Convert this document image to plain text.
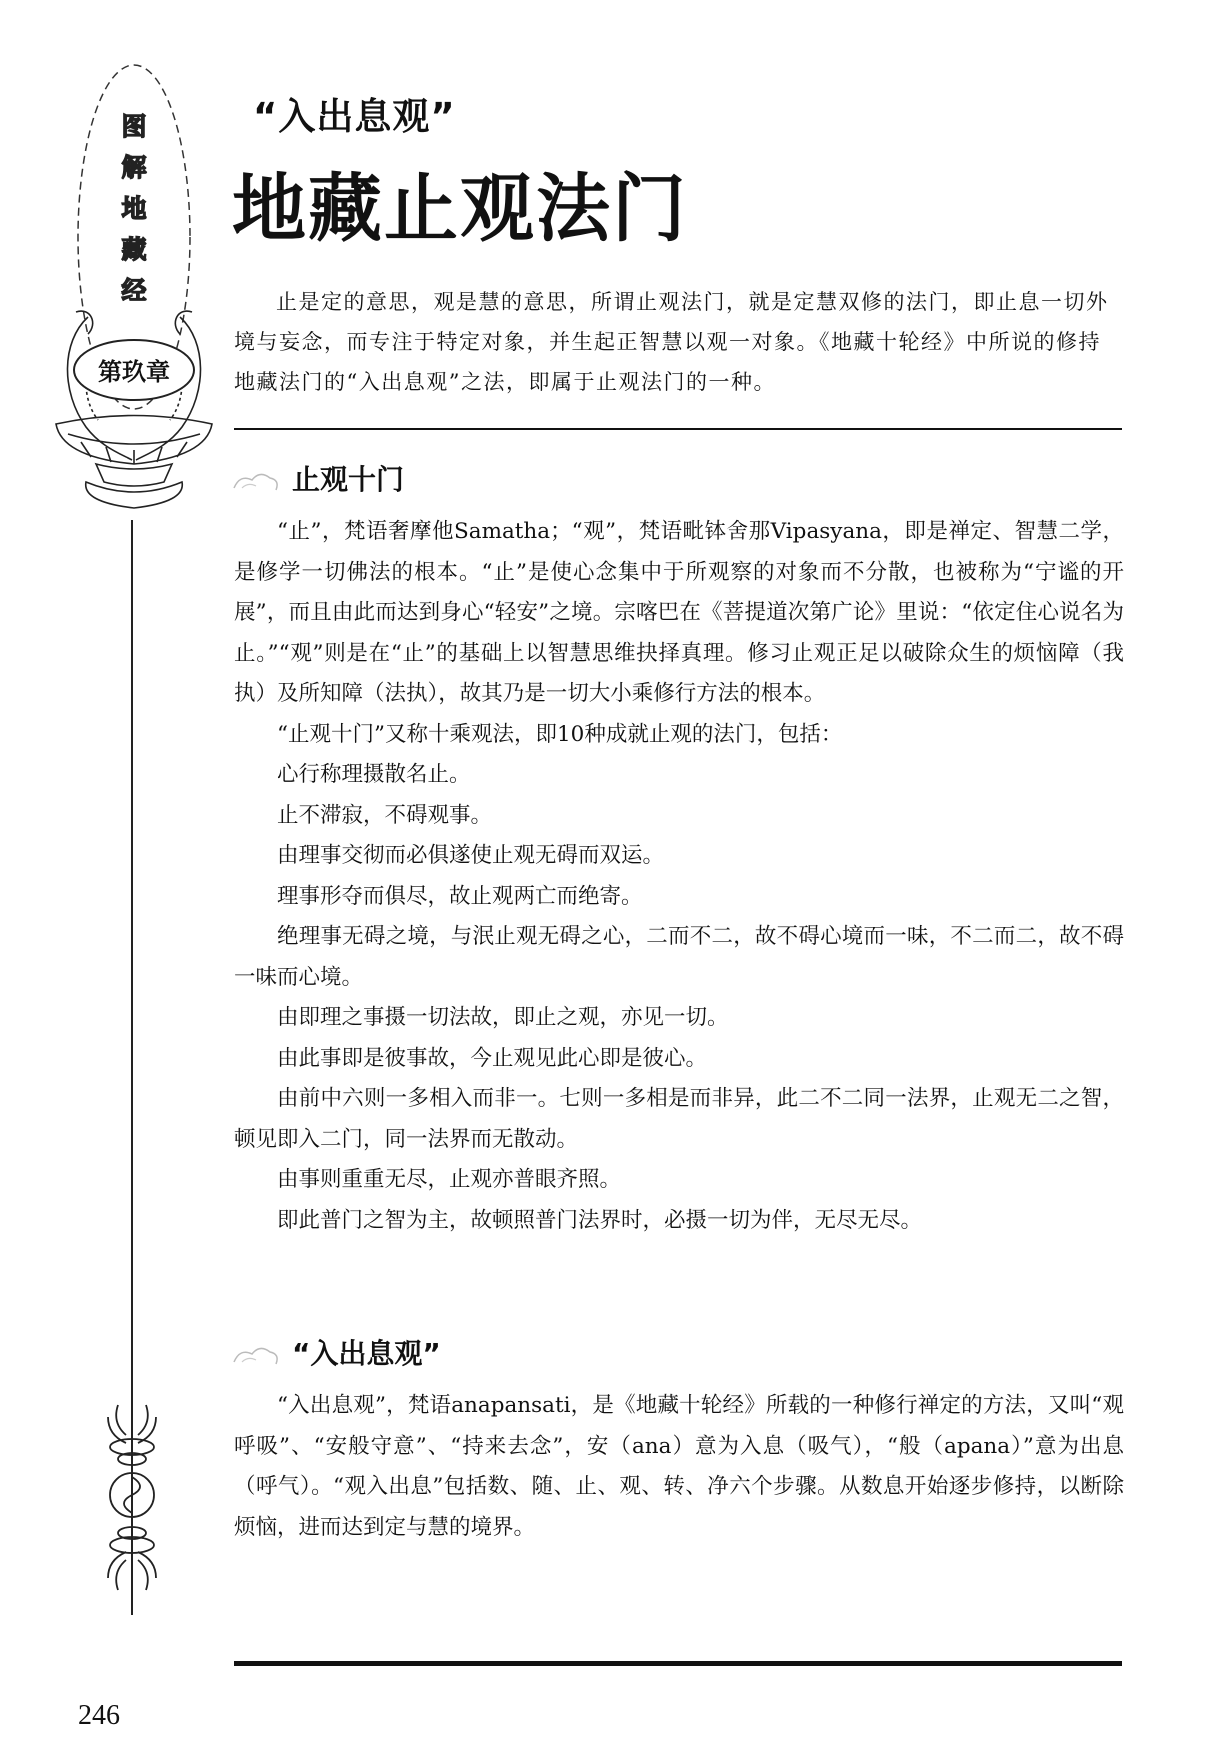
图
解
地
藏
经
第玖章
“入出息观”
地藏止观法门

止是定的意思，观是慧的意思，所谓止观法门，就是定慧双修的法门，即止息一切外境与妄念，而专注于特定对象，并生起正智慧以观一对象。《地藏十轮经》中所说的修持地藏法门的“入出息观”之法，即属于止观法门的一种。

止观十门

“止”，梵语奢摩他Samatha；“观”，梵语毗钵舍那Vipasyana，即是禅定、智慧二学，是修学一切佛法的根本。“止”是使心念集中于所观察的对象而不分散，也被称为“宁谧的开展”，而且由此而达到身心“轻安”之境。宗喀巴在《菩提道次第广论》里说：“依定住心说名为止。”“观”则是在“止”的基础上以智慧思维抉择真理。修习止观正足以破除众生的烦恼障（我执）及所知障（法执），故其乃是一切大小乘修行方法的根本。

“止观十门”又称十乘观法，即10种成就止观的法门，包括：

心行称理摄散名止。

止不滞寂，不碍观事。

由理事交彻而必俱遂使止观无碍而双运。

理事形夺而俱尽，故止观两亡而绝寄。

绝理事无碍之境，与泯止观无碍之心，二而不二，故不碍心境而一味，不二而二，故不碍一味而心境。

由即理之事摄一切法故，即止之观，亦见一切。

由此事即是彼事故，今止观见此心即是彼心。

由前中六则一多相入而非一。七则一多相是而非异，此二不二同一法界，止观无二之智，顿见即入二门，同一法界而无散动。

由事则重重无尽，止观亦普眼齐照。

即此普门之智为主，故顿照普门法界时，必摄一切为伴，无尽无尽。

“入出息观”

“入出息观”，梵语anapansati，是《地藏十轮经》所载的一种修行禅定的方法，又叫“观呼吸”、“安般守意”、“持来去念”，安（ana）意为入息（吸气），“般（apana）”意为出息（呼气）。“观入出息”包括数、随、止、观、转、净六个步骤。从数息开始逐步修持，以断除烦恼，进而达到定与慧的境界。

246
